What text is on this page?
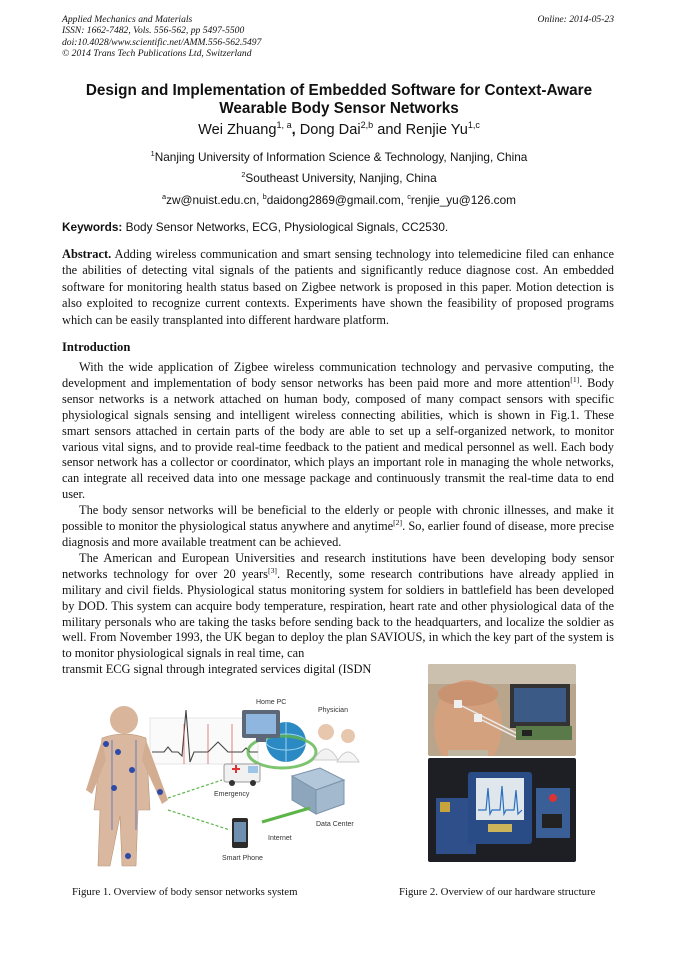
Applied Mechanics and Materials
ISSN: 1662-7482, Vols. 556-562, pp 5497-5500
doi:10.4028/www.scientific.net/AMM.556-562.5497
© 2014 Trans Tech Publications Ltd, Switzerland
Online: 2014-05-23
Design and Implementation of Embedded Software for Context-Aware
Wearable Body Sensor Networks
Wei Zhuang$^{1, a}$, Dong Dai$^{2,b}$ and Renjie Yu$^{1,c}$
$^1$Nanjing University of Information Science & Technology, Nanjing, China
$^2$Southeast University, Nanjing, China
$^a$zw@nuist.edu.cn, $^b$daidong2869@gmail.com, $^c$renjie_yu@126.com
Keywords: Body Sensor Networks, ECG, Physiological Signals, CC2530.
Abstract. Adding wireless communication and smart sensing technology into telemedicine filed can enhance the abilities of detecting vital signals of the patients and significantly reduce diagnose cost. An embedded software for monitoring health status based on Zigbee network is proposed in this paper. Motion detection is also exploited to recognize current contexts. Experiments have shown the feasibility of proposed programs which can be easily transplanted into different hardware platform.
Introduction

With the wide application of Zigbee wireless communication technology and pervasive computing, the development and implementation of body sensor networks has been paid more and more attention[1]. Body sensor networks is a network attached on human body, composed of many compact sensors with specific physiological signals sensing and intelligent wireless connecting abilities, which is shown in Fig.1. These smart sensors attached in certain parts of the body are able to set up a self-organized network, to monitor various vital signs, and to provide real-time feedback to the patient and medical personnel as well. Each body sensor network has a collector or coordinator, which plays an important role in managing the whole networks, can integrate all received data into one message package and continuously transmit the real-time data to end user.

The body sensor networks will be beneficial to the elderly or people with chronic illnesses, and make it possible to monitor the physiological status anywhere and anytime[2]. So, earlier found of disease, more precise diagnosis and more available treatment can be achieved.

The American and European Universities and research institutions have been developing body sensor networks technology for over 20 years[3]. Recently, some research contributions have already applied in military and civil fields. Physiological status monitoring system for soldiers in battlefield has been developed by DOD. This system can acquire body temperature, respiration, heart rate and other physiological data of the military personals who are taking the tasks before sending back to the headquarters, and localize the soldier as well. From November 1993, the UK began to deploy the plan SAVIOUS, in which the key part of the system is to monitor physiological signals in real time, can

transmit ECG signal through integrated services digital (ISDN
Home PC
Physician
Emergency
Data Center
Internet
Smart Phone
Figure 1. Overview of body sensor networks system	Figure 2. Overview of our hardware structure
